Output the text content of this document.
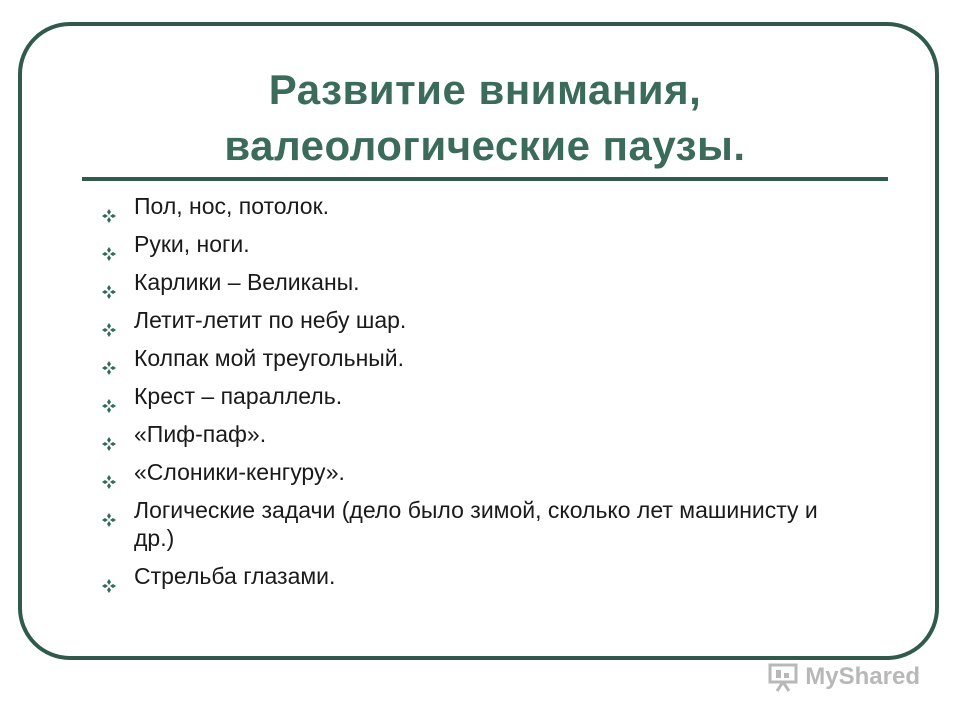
Развитие внимания,
валеологические паузы.
Пол, нос, потолок.
Руки, ноги.
Карлики – Великаны.
Летит-летит по небу шар.
Колпак мой треугольный.
Крест – параллель.
«Пиф-паф».
«Слоники-кенгуру».
Логические задачи (дело было зимой, сколько лет машинисту и др.)
Стрельба глазами.
MyShared
